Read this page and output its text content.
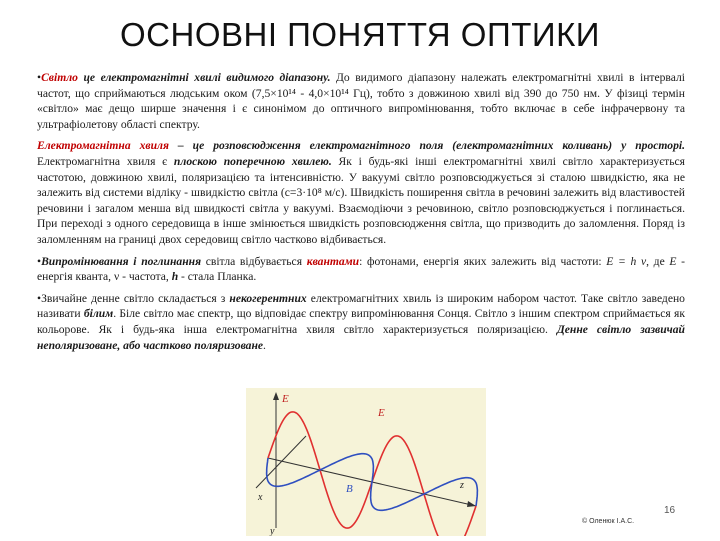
ОСНОВНІ ПОНЯТТЯ ОПТИКИ

•Світло це електромагнітні хвилі видимого діапазону. До видимого діапазону належать електромагнітні хвилі в інтервалі частот, що сприймаються людським оком (7,5×10¹⁴ - 4,0×10¹⁴ Гц), тобто з довжиною хвилі від 390 до 750 нм. У фізиці термін «світло» має дещо ширше значення і є синонімом до оптичного випромінювання, тобто включає в себе інфрачервону та ультрафіолетову області спектру.

Електромагнітна хвиля – це розповсюдження електромагнітного поля (електромагнітних коливань) у просторі. Електромагнітна хвиля є плоскою поперечною хвилею. Як і будь-які інші електромагнітні хвилі світло характеризується частотою, довжиною хвилі, поляризацією та інтенсивністю. У вакуумі світло розповсюджується зі сталою швидкістю, яка не залежить від системи відліку - швидкістю світла (c=3·10⁸ м/с). Швидкість поширення світла в речовині залежить від властивостей речовини і загалом менша від швидкості світла у вакуумі. Взаємодіючи з речовиною, світло розповсюджується і поглинається. При переході з одного середовища в інше змінюється швидкість розповсюдження світла, що призводить до заломлення. Поряд із заломленням на границі двох середовищ світло частково відбивається.

•Випромінювання і поглинання світла відбувається квантами: фотонами, енергія яких залежить від частоти: E = h ν, де E - енергія кванта, ν - частота, h - стала Планка.

•Звичайне денне світло складається з некогерентних електромагнітних хвиль із широким набором частот. Таке світло заведено називати білим. Біле світло має спектр, що відповідає спектру випромінювання Сонця. Світло з іншим спектром сприймається як кольорове. Як і будь-яка інша електромагнітна хвиля світло характеризується поляризацією. Денне світло зазвичай неполяризоване, або частково поляризоване.

E
E
B	z
x
y
© Оленюк І.А.С.
16
